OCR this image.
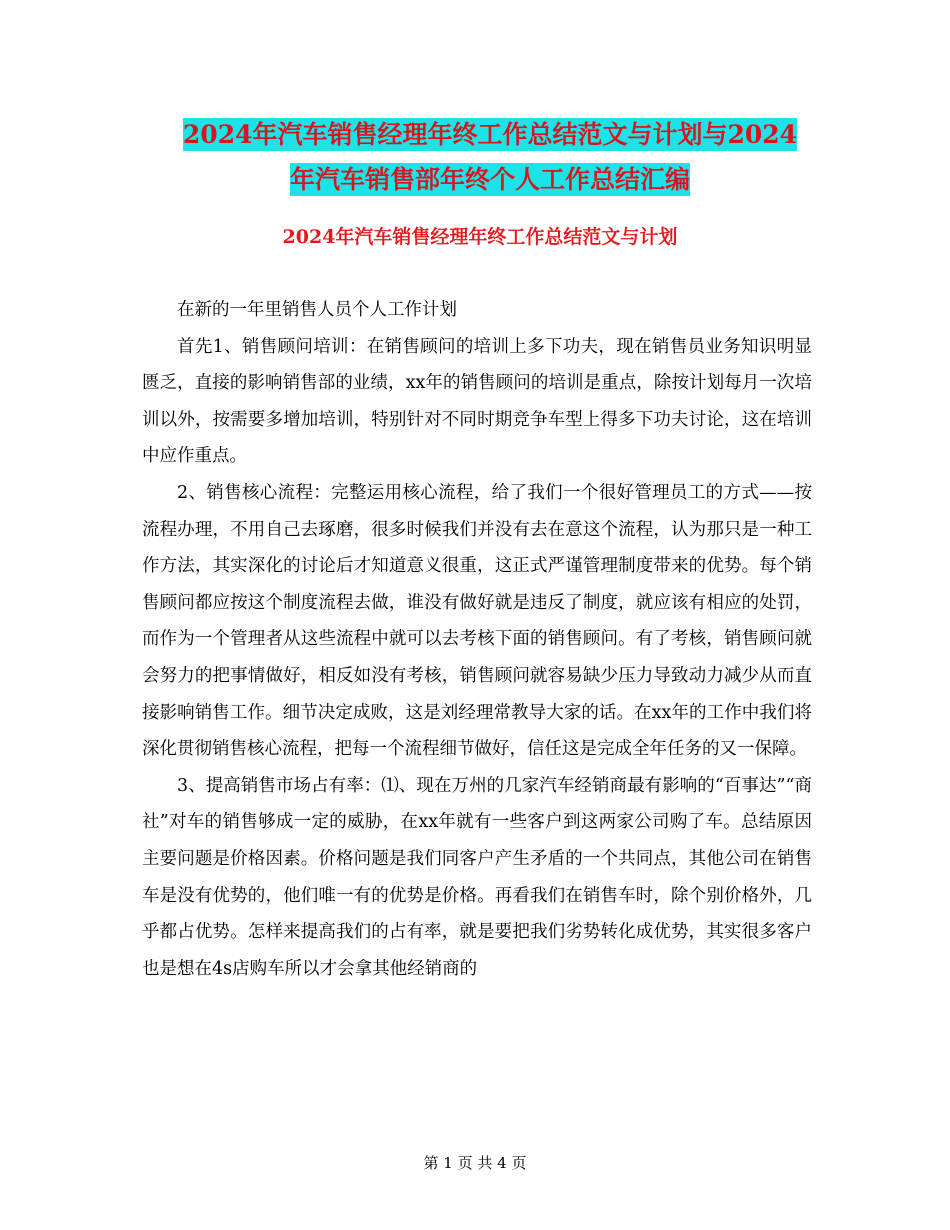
2024年汽车销售经理年终工作总结范文与计划与2024
年汽车销售部年终个人工作总结汇编
2024年汽车销售经理年终工作总结范文与计划

在新的一年里销售人员个人工作计划

首先1、销售顾问培训：在销售顾问的培训上多下功夫，现在销售员业务知识明显匮乏，直接的影响销售部的业绩，xx年的销售顾问的培训是重点，除按计划每月一次培训以外，按需要多增加培训，特别针对不同时期竞争车型上得多下功夫讨论，这在培训中应作重点。

2、销售核心流程：完整运用核心流程，给了我们一个很好管理员工的方式——按流程办理，不用自己去琢磨，很多时候我们并没有去在意这个流程，认为那只是一种工作方法，其实深化的讨论后才知道意义很重，这正式严谨管理制度带来的优势。每个销售顾问都应按这个制度流程去做，谁没有做好就是违反了制度，就应该有相应的处罚，而作为一个管理者从这些流程中就可以去考核下面的销售顾问。有了考核，销售顾问就会努力的把事情做好，相反如没有考核，销售顾问就容易缺少压力导致动力减少从而直接影响销售工作。细节决定成败，这是刘经理常教导大家的话。在xx年的工作中我们将深化贯彻销售核心流程，把每一个流程细节做好，信任这是完成全年任务的又一保障。

3、提高销售市场占有率：⑴、现在万州的几家汽车经销商最有影响的“百事达”“商社”对车的销售够成一定的威胁，在xx年就有一些客户到这两家公司购了车。总结原因主要问题是价格因素。价格问题是我们同客户产生矛盾的一个共同点，其他公司在销售车是没有优势的，他们唯一有的优势是价格。再看我们在销售车时，除个别价格外，几乎都占优势。怎样来提高我们的占有率，就是要把我们劣势转化成优势，其实很多客户也是想在4s店购车所以才会拿其他经销商的

第 1 页 共 4 页
